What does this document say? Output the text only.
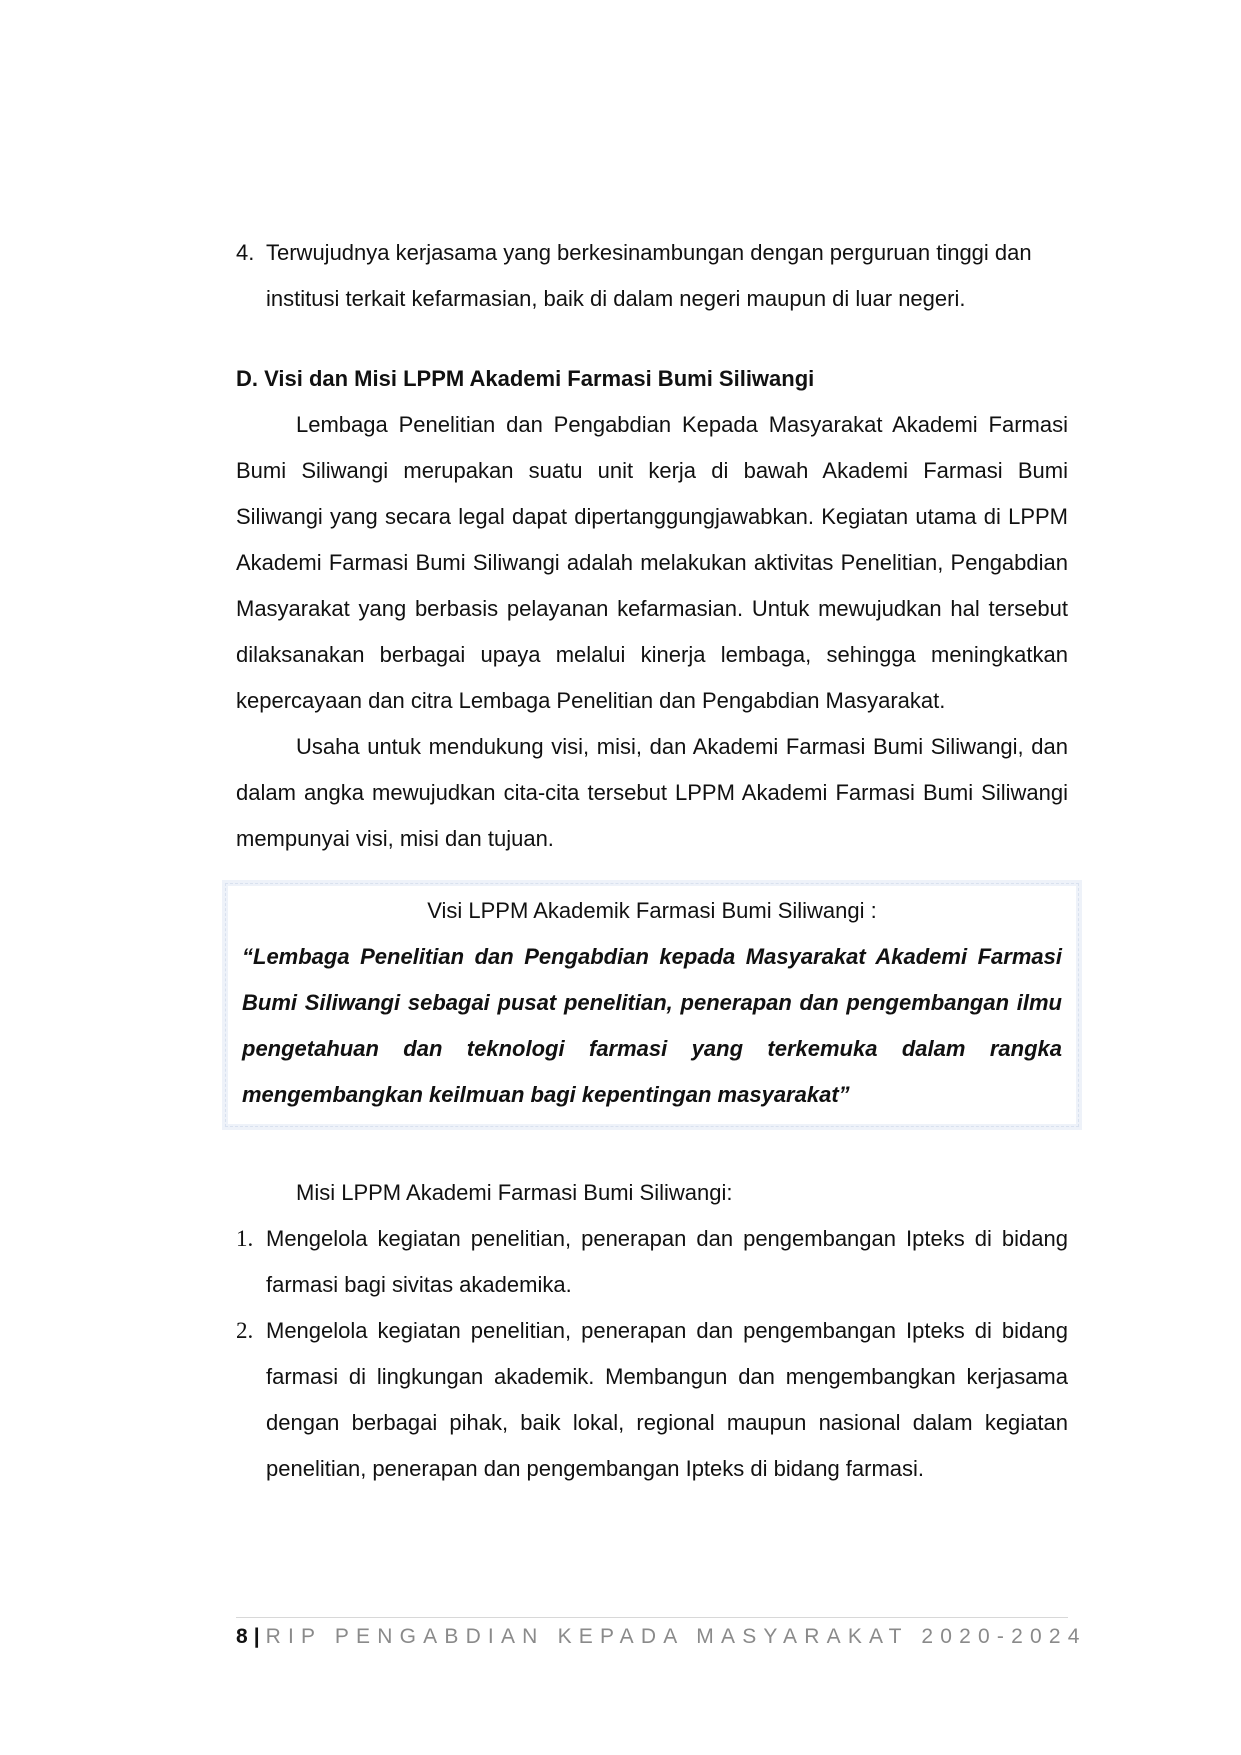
4. Terwujudnya kerjasama yang berkesinambungan dengan perguruan tinggi dan institusi terkait kefarmasian, baik di dalam negeri maupun di luar negeri.
D. Visi dan Misi LPPM Akademi Farmasi Bumi Siliwangi
Lembaga Penelitian dan Pengabdian Kepada Masyarakat Akademi Farmasi Bumi Siliwangi merupakan suatu unit kerja di bawah Akademi Farmasi Bumi Siliwangi yang secara legal dapat dipertanggungjawabkan. Kegiatan utama di LPPM Akademi Farmasi Bumi Siliwangi adalah melakukan aktivitas Penelitian, Pengabdian Masyarakat yang berbasis pelayanan kefarmasian. Untuk mewujudkan hal tersebut dilaksanakan berbagai upaya melalui kinerja lembaga, sehingga meningkatkan kepercayaan dan citra Lembaga Penelitian dan Pengabdian Masyarakat.
Usaha untuk mendukung visi, misi, dan Akademi Farmasi Bumi Siliwangi, dan dalam angka mewujudkan cita-cita tersebut LPPM Akademi Farmasi Bumi Siliwangi mempunyai visi, misi dan tujuan.
Visi LPPM Akademik Farmasi Bumi Siliwangi :
“Lembaga Penelitian dan Pengabdian kepada Masyarakat Akademi Farmasi Bumi Siliwangi sebagai pusat penelitian, penerapan dan pengembangan ilmu pengetahuan dan teknologi farmasi yang terkemuka dalam rangka mengembangkan keilmuan bagi kepentingan masyarakat”
Misi LPPM Akademi Farmasi Bumi Siliwangi:
1. Mengelola kegiatan penelitian, penerapan dan pengembangan Ipteks di bidang farmasi bagi sivitas akademika.
2. Mengelola kegiatan penelitian, penerapan dan pengembangan Ipteks di bidang farmasi di lingkungan akademik. Membangun dan mengembangkan kerjasama dengan berbagai pihak, baik lokal, regional maupun nasional dalam kegiatan penelitian, penerapan dan pengembangan Ipteks di bidang farmasi.
8 | RIP PENGABDIAN KEPADA MASYARAKAT 2020-2024
